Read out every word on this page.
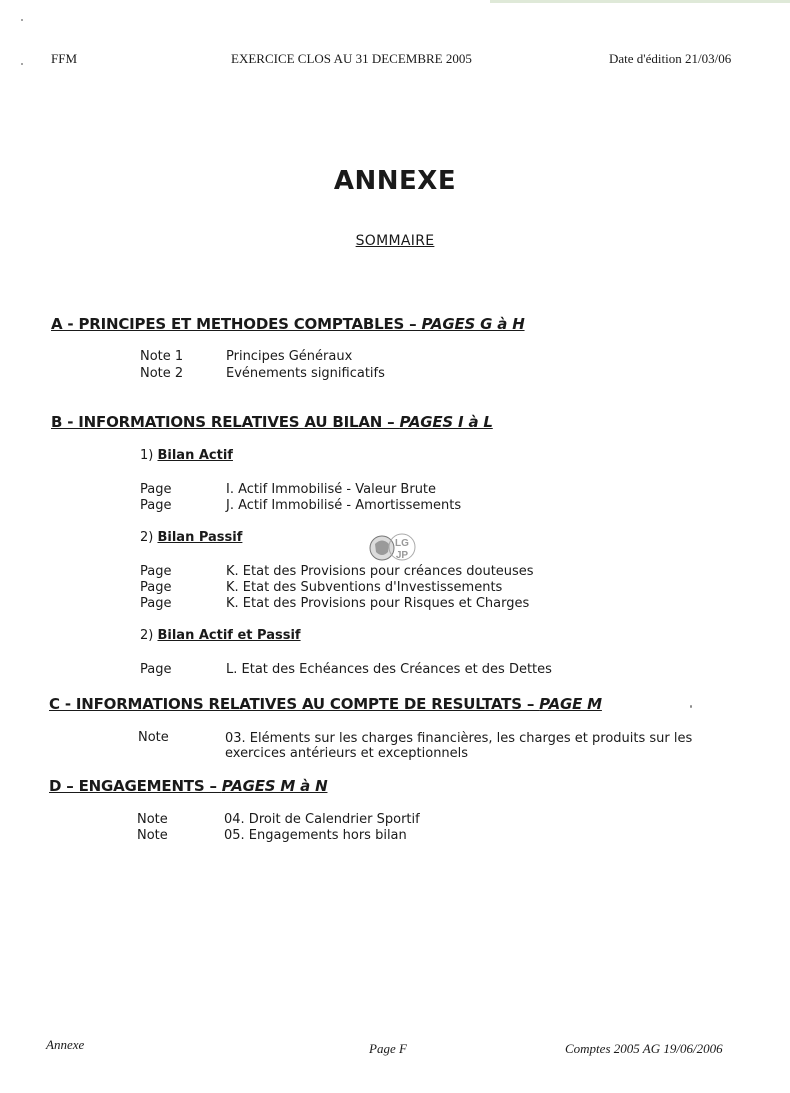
FFM	EXERCICE CLOS AU 31 DECEMBRE 2005	Date d'édition 21/03/06
ANNEXE
SOMMAIRE
A - PRINCIPES ET METHODES COMPTABLES – PAGES G à H
Note 1	Principes Généraux
Note 2	Evénements significatifs
B - INFORMATIONS RELATIVES AU BILAN – PAGES I à L
1) Bilan Actif
Page	I. Actif Immobilisé - Valeur Brute
Page	J. Actif Immobilisé - Amortissements
2) Bilan Passif
Page	K. Etat des Provisions pour créances douteuses
Page	K. Etat des Subventions d'Investissements
Page	K. Etat des Provisions pour Risques et Charges
2) Bilan Actif et Passif
Page	L. Etat des Echéances des Créances et des Dettes
C - INFORMATIONS RELATIVES AU COMPTE DE RESULTATS – PAGE M
Note	03. Eléments sur les charges financières, les charges et produits sur les
exercices antérieurs et exceptionnels
D – ENGAGEMENTS – PAGES M à N
Note	04. Droit de Calendrier Sportif
Note	05. Engagements hors bilan
LG
JP
Annexe	Page F	Comptes 2005 AG 19/06/2006
